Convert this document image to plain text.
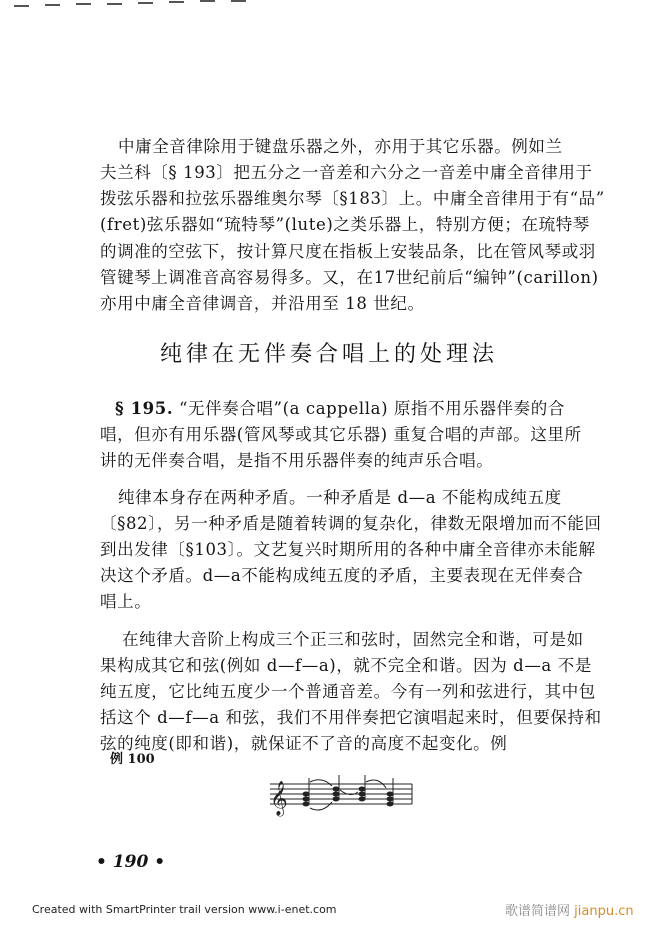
中庸全音律除用于键盘乐器之外，亦用于其它乐器。例如兰
夫兰科〔§ 193〕把五分之一音差和六分之一音差中庸全音律用于
拨弦乐器和拉弦乐器维奥尔琴〔§183〕上。中庸全音律用于有“品”
(fret)弦乐器如“琉特琴”(lute)之类乐器上，特别方便；在琉特琴
的调准的空弦下，按计算尺度在指板上安装品条，比在管风琴或羽
管键琴上调准音高容易得多。又，在17世纪前后“编钟”(carillon)
亦用中庸全音律调音，并沿用至 18 世纪。
纯律在无伴奏合唱上的处理法
§ 195. “无伴奏合唱”(a cappella) 原指不用乐器伴奏的合
唱，但亦有用乐器(管风琴或其它乐器) 重复合唱的声部。这里所
讲的无伴奏合唱，是指不用乐器伴奏的纯声乐合唱。
纯律本身存在两种矛盾。一种矛盾是 d—a 不能构成纯五度
〔§82〕，另一种矛盾是随着转调的复杂化，律数无限增加而不能回
到出发律〔§103〕。文艺复兴时期所用的各种中庸全音律亦未能解
决这个矛盾。d—a不能构成纯五度的矛盾，主要表现在无伴奏合
唱上。
在纯律大音阶上构成三个正三和弦时，固然完全和谐，可是如
果构成其它和弦(例如 d—f—a)，就不完全和谐。因为 d—a 不是
纯五度，它比纯五度少一个普通音差。今有一列和弦进行，其中包
括这个 d—f—a 和弦，我们不用伴奏把它演唱起来时，但要保持和
弦的纯度(即和谐)，就保证不了音的高度不起变化。例
例 100
𝄞
• 190 •
Created with SmartPrinter trail version www.i-enet.com	歌谱简谱网 jianpu.cn
